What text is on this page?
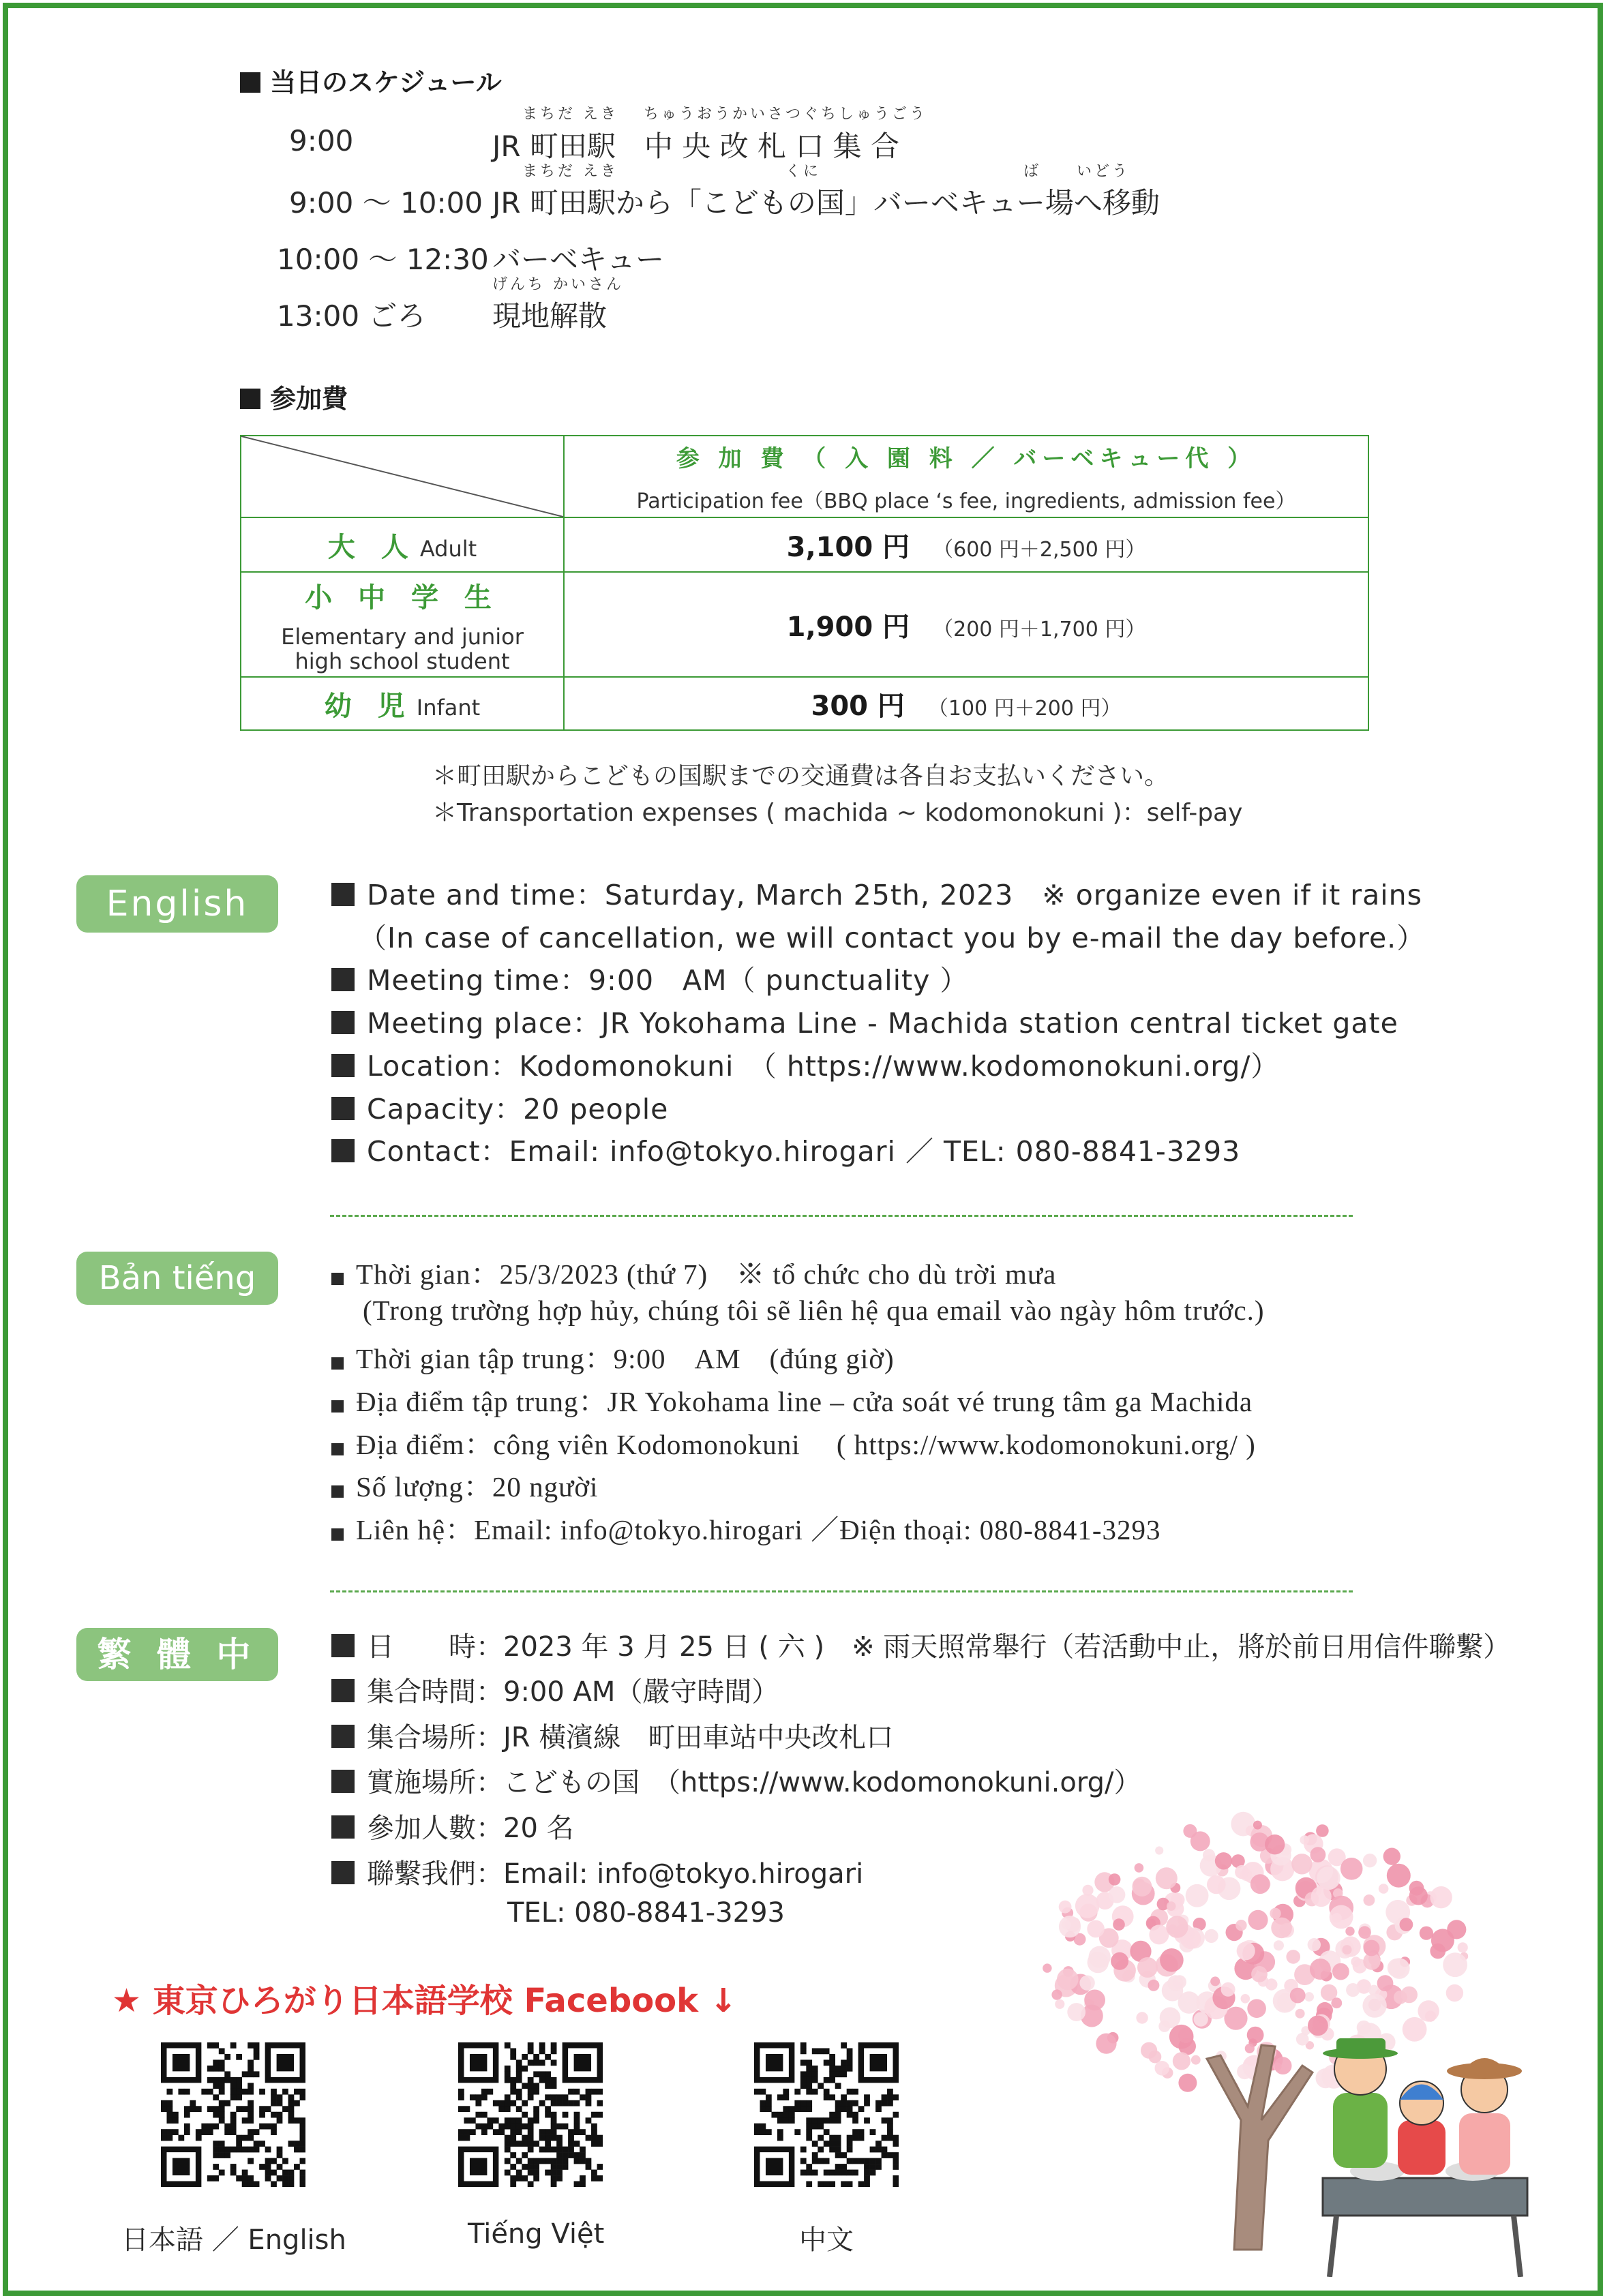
当日のスケジュール
まちだ えき　 ちゅうおうかいさつぐちしゅうごう
9:00	JR 町田駅　中 央 改 札 口 集 合
まちだ えき　　　　　　　　　 くに　　　　　　　　　　　 ば　　いどう
9:00 ～ 10:00 JR 町田駅から「こどもの国」バーベキュー場へ移動
10:00 ～ 12:30 バーベキュー
げんち かいさん
13:00 ごろ 現地解散
参加費

参 加 費 （ 入 園 料 ／ バーベキュー代 ）
Participation fee（BBQ place ‘s fee, ingredients, admission fee）

大 人 Adult	3,100 円 （600 円＋2,500 円）

小 中 学 生
Elementary and junior high school student	1,900 円 （200 円＋1,700 円）
幼 児 Infant	300 円 （100 円＋200 円）
＊町田駅からこどもの国駅までの交通費は各自お支払いください。
＊Transportation expenses ( machida ~ kodomonokuni )：self-pay
English	Date and time：Saturday, March 25th, 2023　※ organize even if it rains
（In case of cancellation, we will contact you by e-mail the day before.）
Meeting time：9:00　AM（ punctuality ）
Meeting place：JR Yokohama Line - Machida station central ticket gate
Location：Kodomonokuni　（ https://www.kodomonokuni.org/）
Capacity：20 people
Contact：Email: info@tokyo.hirogari ／ TEL: 080-8841-3293
Bản tiếng Việt
Thời gian：25/3/2023 (thứ 7)　※ tổ chức cho dù trời mưa
(Trong trường hợp hủy, chúng tôi sẽ liên hệ qua email vào ngày hôm trước.)
Thời gian tập trung：9:00　AM　(đúng giờ)
Địa điểm tập trung：JR Yokohama line – cửa soát vé trung tâm ga Machida
Địa điểm：công viên Kodomonokuni　 ( https://www.kodomonokuni.org/ )
Số lượng：20 người
Liên hệ：Email: info@tokyo.hirogari ／Điện thoại: 080-8841-3293
繁 體 中 文
日　　時：2023 年 3 月 25 日 ( 六 )　※ 雨天照常舉行（若活動中止，將於前日用信件聯繫）
集合時間：9:00 AM（嚴守時間）
集合場所：JR 橫濱線　町田車站中央改札口
實施場所：こどもの国　（https://www.kodomonokuni.org/）
參加人數：20 名
聯繫我們：Email: info@tokyo.hirogari
TEL: 080-8841-3293
★ 東京ひろがり日本語学校 Facebook ↓
日本語 ／ English	Tiếng Việt	中文
